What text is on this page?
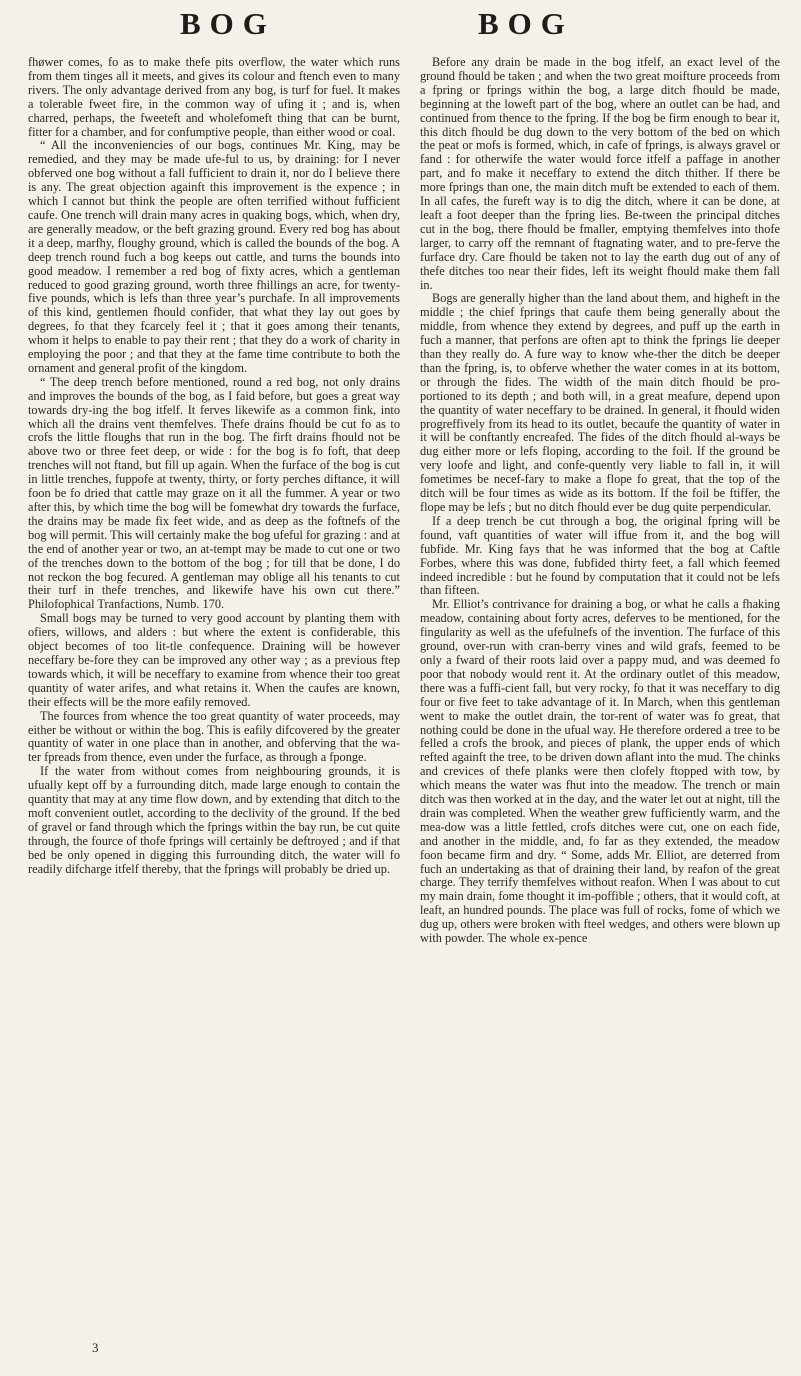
BOG	BOG

fhøwer comes, fo as to make thefe pits overflow, the water which runs from them tinges all it meets, and gives its colour and ftench even to many rivers. The only advantage derived from any bog, is turf for fuel. It makes a tolerable fweet fire, in the common way of ufing it ; and is, when charred, perhaps, the fweeteft and wholefomeft thing that can be burnt, fitter for a chamber, and for confumptive people, than either wood or coal.

“ All the inconveniencies of our bogs, continues Mr. King, may be remedied, and they may be made ufe-ful to us, by draining: for I never obferved one bog without a fall fufficient to drain it, nor do I believe there is any. The great objection againft this improvement is the expence ; in which I cannot but think the people are often terrified without fufficient caufe. One trench will drain many acres in quaking bogs, which, when dry, are generally meadow, or the beft grazing ground. Every red bog has about it a deep, marfhy, floughy ground, which is called the bounds of the bog. A deep trench round fuch a bog keeps out cattle, and turns the bounds into good meadow. I remember a red bog of fixty acres, which a gentleman reduced to good grazing ground, worth three fhillings an acre, for twenty-five pounds, which is lefs than three year’s purchafe. In all improvements of this kind, gentlemen fhould confider, that what they lay out goes by degrees, fo that they fcarcely feel it ; that it goes among their tenants, whom it helps to enable to pay their rent ; that they do a work of charity in employing the poor ; and that they at the fame time contribute to both the ornament and general profit of the kingdom.

“ The deep trench before mentioned, round a red bog, not only drains and improves the bounds of the bog, as I faid before, but goes a great way towards dry-ing the bog itfelf. It ferves likewife as a common fink, into which all the drains vent themfelves. Thefe drains fhould be cut fo as to crofs the little floughs that run in the bog. The firft drains fhould not be above two or three feet deep, or wide : for the bog is fo foft, that deep trenches will not ftand, but fill up again. When the furface of the bog is cut in little trenches, fuppofe at twenty, thirty, or forty perches diftance, it will foon be fo dried that cattle may graze on it all the fummer. A year or two after this, by which time the bog will be fomewhat dry towards the furface, the drains may be made fix feet wide, and as deep as the foftnefs of the bog will permit. This will certainly make the bog ufeful for grazing : and at the end of another year or two, an at-tempt may be made to cut one or two of the trenches down to the bottom of the bog ; for till that be done, I do not reckon the bog fecured. A gentleman may oblige all his tenants to cut their turf in thefe trenches, and likewife have his own cut there.” Philofophical Tranfactions, Numb. 170.

Small bogs may be turned to very good account by planting them with ofiers, willows, and alders : but where the extent is confiderable, this object becomes of too lit-tle confequence. Draining will be however neceffary be-fore they can be improved any other way ; as a previous ftep towards which, it will be neceffary to examine from whence their too great quantity of water arifes, and what retains it. When the caufes are known, their effects will be the more eafily removed.

The fources from whence the too great quantity of water proceeds, may either be without or within the bog. This is eafily difcovered by the greater quantity of water in one place than in another, and obferving that the wa-ter fpreads from thence, even under the furface, as through a fponge.

If the water from without comes from neighbouring grounds, it is ufually kept off by a furrounding ditch, made large enough to contain the quantity that may at any time flow down, and by extending that ditch to the moft convenient outlet, according to the declivity of the ground. If the bed of gravel or fand through which the fprings within the bay run, be cut quite through, the fource of thofe fprings will certainly be deftroyed ; and if that bed be only opened in digging this furrounding ditch, the water will fo readily difcharge itfelf thereby, that the fprings will probably be dried up.

Before any drain be made in the bog itfelf, an exact level of the ground fhould be taken ; and when the two great moifture proceeds from a fpring or fprings within the bog, a large ditch fhould be made, beginning at the loweft part of the bog, where an outlet can be had, and continued from thence to the fpring. If the bog be firm enough to bear it, this ditch fhould be dug down to the very bottom of the bed on which the peat or mofs is formed, which, in cafe of fprings, is always gravel or fand : for otherwife the water would force itfelf a paffage in another part, and fo make it neceffary to extend the ditch thither. If there be more fprings than one, the main ditch muft be extended to each of them. In all cafes, the fureft way is to dig the ditch, where it can be done, at leaft a foot deeper than the fpring lies. Be-tween the principal ditches cut in the bog, there fhould be fmaller, emptying themfelves into thofe larger, to carry off the remnant of ftagnating water, and to pre-ferve the furface dry. Care fhould be taken not to lay the earth dug out of any of thefe ditches too near their fides, left its weight fhould make them fall in.

Bogs are generally higher than the land about them, and higheft in the middle ; the chief fprings that caufe them being generally about the middle, from whence they extend by degrees, and puff up the earth in fuch a manner, that perfons are often apt to think the fprings lie deeper than they really do. A fure way to know whe-ther the ditch be deeper than the fpring, is, to obferve whether the water comes in at its bottom, or through the fides. The width of the main ditch fhould be pro-portioned to its depth ; and both will, in a great meafure, depend upon the quantity of water neceffary to be drained. In general, it fhould widen progreffively from its head to its outlet, becaufe the quantity of water in it will be conftantly encreafed. The fides of the ditch fhould al-ways be dug either more or lefs floping, according to the foil. If the ground be very loofe and light, and confe-quently very liable to fall in, it will fometimes be necef-fary to make a flope fo great, that the top of the ditch will be four times as wide as its bottom. If the foil be ftiffer, the flope may be lefs ; but no ditch fhould ever be dug quite perpendicular.

If a deep trench be cut through a bog, the original fpring will be found, vaft quantities of water will iffue from it, and the bog will fubfide. Mr. King fays that he was informed that the bog at Caftle Forbes, where this was done, fubfided thirty feet, a fall which feemed indeed incredible : but he found by computation that it could not be lefs than fifteen.

Mr. Elliot’s contrivance for draining a bog, or what he calls a fhaking meadow, containing about forty acres, deferves to be mentioned, for the fingularity as well as the ufefulnefs of the invention. The furface of this ground, over-run with cran-berry vines and wild grafs, feemed to be only a fward of their roots laid over a pappy mud, and was deemed fo poor that nobody would rent it. At the ordinary outlet of this meadow, there was a fuffi-cient fall, but very rocky, fo that it was neceffary to dig four or five feet to take advantage of it. In March, when this gentleman went to make the outlet drain, the tor-rent of water was fo great, that nothing could be done in the ufual way. He therefore ordered a tree to be felled a crofs the brook, and pieces of plank, the upper ends of which refted againft the tree, to be driven down aflant into the mud. The chinks and crevices of thefe planks were then clofely ftopped with tow, by which means the water was fhut into the meadow. The trench or main ditch was then worked at in the day, and the water let out at night, till the drain was completed. When the weather grew fufficiently warm, and the mea-dow was a little fettled, crofs ditches were cut, one on each fide, and another in the middle, and, fo far as they extended, the meadow foon became firm and dry. “ Some, adds Mr. Elliot, are deterred from fuch an undertaking as that of draining their land, by reafon of the great charge. They terrify themfelves without reafon. When I was about to cut my main drain, fome thought it im-poffible ; others, that it would coft, at leaft, an hundred pounds. The place was full of rocks, fome of which we dug up, others were broken with fteel wedges, and others were blown up with powder. The whole ex-pence

3
